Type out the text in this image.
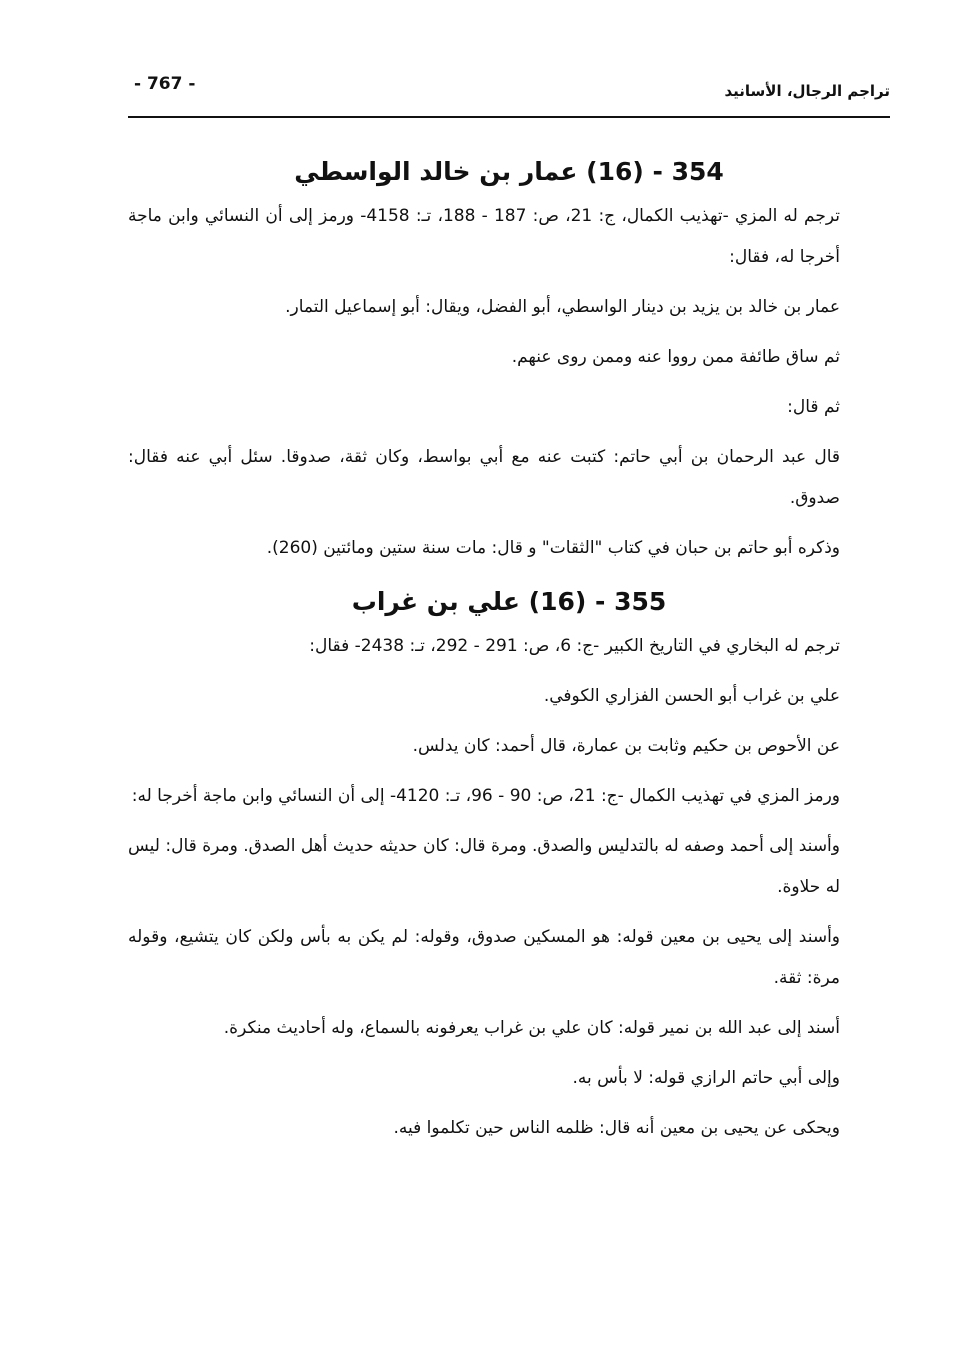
تراجم الرجال، الأسانيد
- 767 -
354 - (16) عمار بن خالد الواسطي

ترجم له المزي -تهذيب الكمال، ج: 21، ص: 187 - 188، تـ: 4158- ورمز إلى أن النسائي وابن ماجة أخرجا له، فقال:

عمار بن خالد بن يزيد بن دينار الواسطي، أبو الفضل، ويقال: أبو إسماعيل التمار.

ثم ساق طائفة ممن رووا عنه وممن روى عنهم.

ثم قال:

قال عبد الرحمان بن أبي حاتم: كتبت عنه مع أبي بواسط، وكان ثقة، صدوقا. سئل أبي عنه فقال: صدوق.

وذكره أبو حاتم بن حبان في كتاب "الثقات" و قال: مات سنة ستين ومائتين (260).

355 - (16) علي بن غراب

ترجم له البخاري في التاريخ الكبير -ج: 6، ص: 291 - 292، تـ: 2438- فقال:

علي بن غراب أبو الحسن الفزاري الكوفي.

عن الأحوص بن حكيم وثابت بن عمارة، قال أحمد: كان يدلس.

ورمز المزي في تهذيب الكمال -ج: 21، ص: 90 - 96، تـ: 4120- إلى أن النسائي وابن ماجة أخرجا له:

وأسند إلى أحمد وصفه له بالتدليس والصدق. ومرة قال: كان حديثه حديث أهل الصدق. ومرة قال: ليس له حلاوة.

وأسند إلى يحيى بن معين قوله: هو المسكين صدوق، وقوله: لم يكن به بأس ولكن كان يتشيع، وقوله مرة: ثقة.

أسند إلى عبد الله بن نمير قوله: كان علي بن غراب يعرفونه بالسماع، وله أحاديث منكرة.

وإلى أبي حاتم الرازي قوله: لا بأس به.

ويحكى عن يحيى بن معين أنه قال: ظلمه الناس حين تكلموا فيه.
